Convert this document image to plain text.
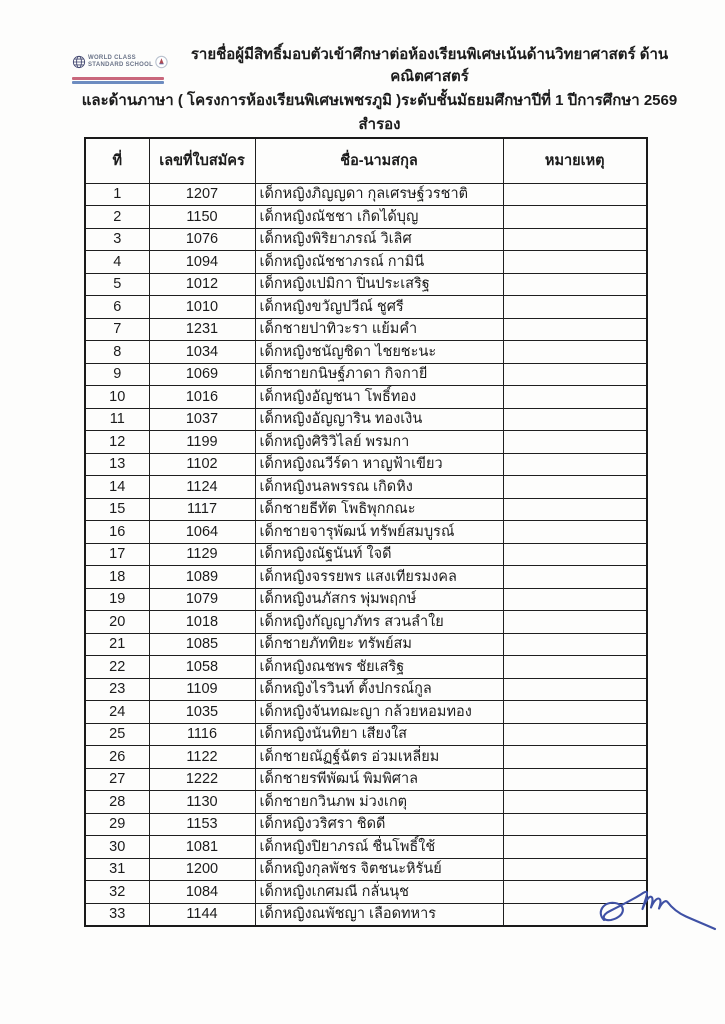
WORLD CLASS
STANDARD SCHOOL
รายชื่อผู้มีสิทธิ์มอบตัวเข้าศึกษาต่อห้องเรียนพิเศษเน้นด้านวิทยาศาสตร์ ด้านคณิตศาสตร์
และด้านภาษา ( โครงการห้องเรียนพิเศษเพชรภูมิ )ระดับชั้นมัธยมศึกษาปีที่ 1 ปีการศึกษา 2569
สำรอง
ที่	เลขที่ใบสมัคร	ชื่อ-นามสกุล	หมายเหตุ
1	1207	เด็กหญิงภิญญดา กุลเศรษฐ์วรชาติ	
2	1150	เด็กหญิงณัชชา เกิดได้บุญ	
3	1076	เด็กหญิงพิริยาภรณ์ วิเลิศ	
4	1094	เด็กหญิงณัชชาภรณ์ กามินี	
5	1012	เด็กหญิงเปมิกา ปิ่นประเสริฐ	
6	1010	เด็กหญิงขวัญปวีณ์ ชูศรี	
7	1231	เด็กชายปาทิวะรา แย้มคำ	
8	1034	เด็กหญิงชนัญชิดา ไชยชะนะ	
9	1069	เด็กชายกนิษฐ์ภาดา กิจกายี	
10	1016	เด็กหญิงอัญชนา โพธิ์ทอง	
11	1037	เด็กหญิงอัญญาริน ทองเงิน	
12	1199	เด็กหญิงศิริวิไลย์ พรมกา	
13	1102	เด็กหญิงณวีร์ดา หาญฟ้าเขียว	
14	1124	เด็กหญิงนลพรรณ เกิดหิง	
15	1117	เด็กชายธีทัต โพธิพุกกณะ	
16	1064	เด็กชายจารุพัฒน์ ทรัพย์สมบูรณ์	
17	1129	เด็กหญิงณัฐนันท์ ใจดี	
18	1089	เด็กหญิงจรรยพร แสงเทียรมงคล	
19	1079	เด็กหญิงนภัสกร พุ่มพฤกษ์	
20	1018	เด็กหญิงกัญญาภัทร สวนลำใย	
21	1085	เด็กชายภัททิยะ ทรัพย์สม	
22	1058	เด็กหญิงณชพร ชัยเสริฐ	
23	1109	เด็กหญิงไรวินท์ ตั้งปกรณ์กูล	
24	1035	เด็กหญิงจันทฌะญา กล้วยหอมทอง	
25	1116	เด็กหญิงนันทิยา เสียงใส	
26	1122	เด็กชายณัฏฐ์ฉัตร อ่วมเหลี่ยม	
27	1222	เด็กชายรพีพัฒน์ พิมพิศาล	
28	1130	เด็กชายกวินภพ ม่วงเกตุ	
29	1153	เด็กหญิงวริศรา ชิดดี	
30	1081	เด็กหญิงปิยาภรณ์ ชื่นโพธิ์ใช้	
31	1200	เด็กหญิงกุลพัชร จิตชนะหิรันย์	
32	1084	เด็กหญิงเกศมณี กลั่นนุช	
33	1144	เด็กหญิงณพัชญา เลือดทหาร	
